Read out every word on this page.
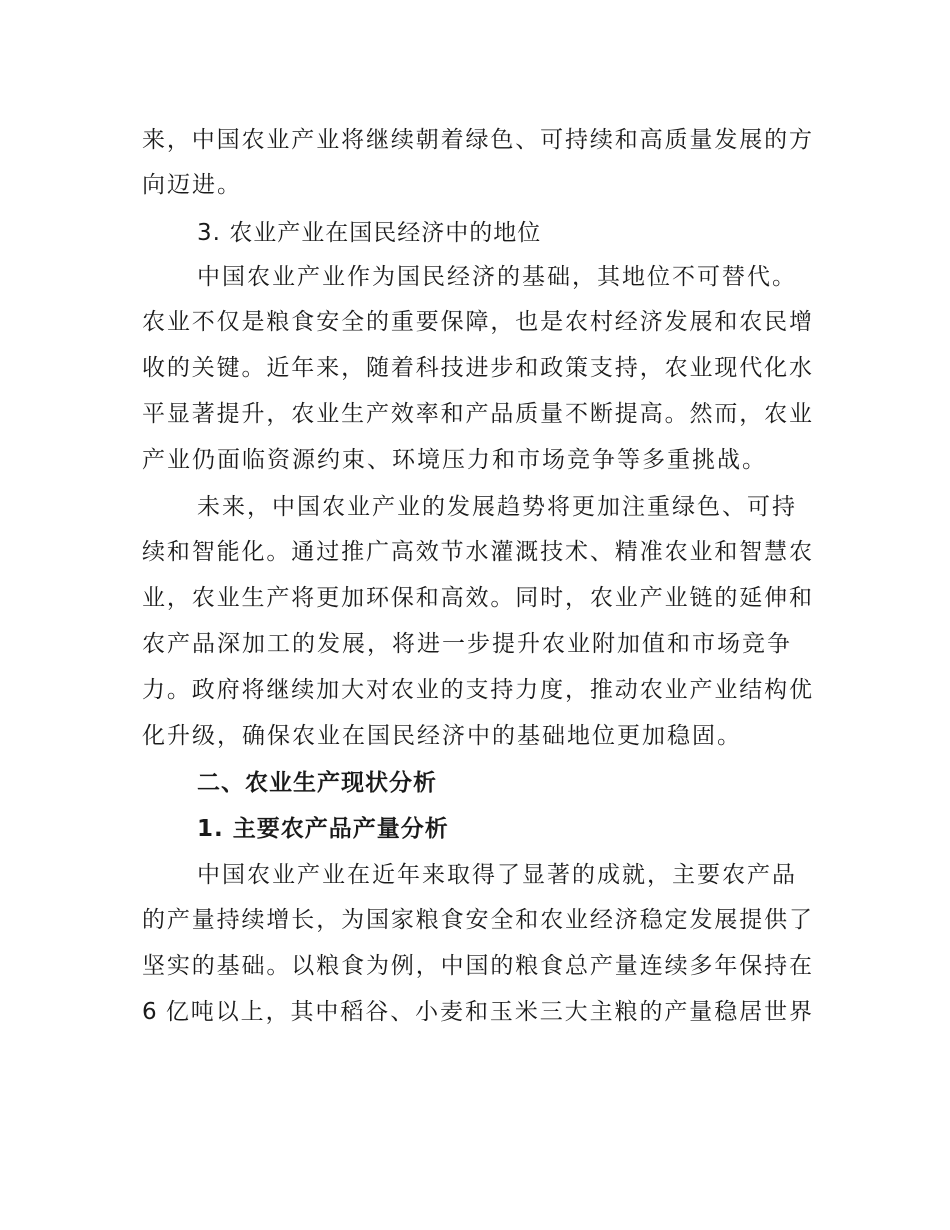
来，中国农业产业将继续朝着绿色、可持续和高质量发展的方
向迈进。
3. 农业产业在国民经济中的地位
中国农业产业作为国民经济的基础，其地位不可替代。
农业不仅是粮食安全的重要保障，也是农村经济发展和农民增
收的关键。近年来，随着科技进步和政策支持，农业现代化水
平显著提升，农业生产效率和产品质量不断提高。然而，农业
产业仍面临资源约束、环境压力和市场竞争等多重挑战。
未来，中国农业产业的发展趋势将更加注重绿色、可持
续和智能化。通过推广高效节水灌溉技术、精准农业和智慧农
业，农业生产将更加环保和高效。同时，农业产业链的延伸和
农产品深加工的发展，将进一步提升农业附加值和市场竞争
力。政府将继续加大对农业的支持力度，推动农业产业结构优
化升级，确保农业在国民经济中的基础地位更加稳固。
二、农业生产现状分析
1. 主要农产品产量分析
中国农业产业在近年来取得了显著的成就，主要农产品
的产量持续增长，为国家粮食安全和农业经济稳定发展提供了
坚实的基础。以粮食为例，中国的粮食总产量连续多年保持在
6 亿吨以上，其中稻谷、小麦和玉米三大主粮的产量稳居世界
